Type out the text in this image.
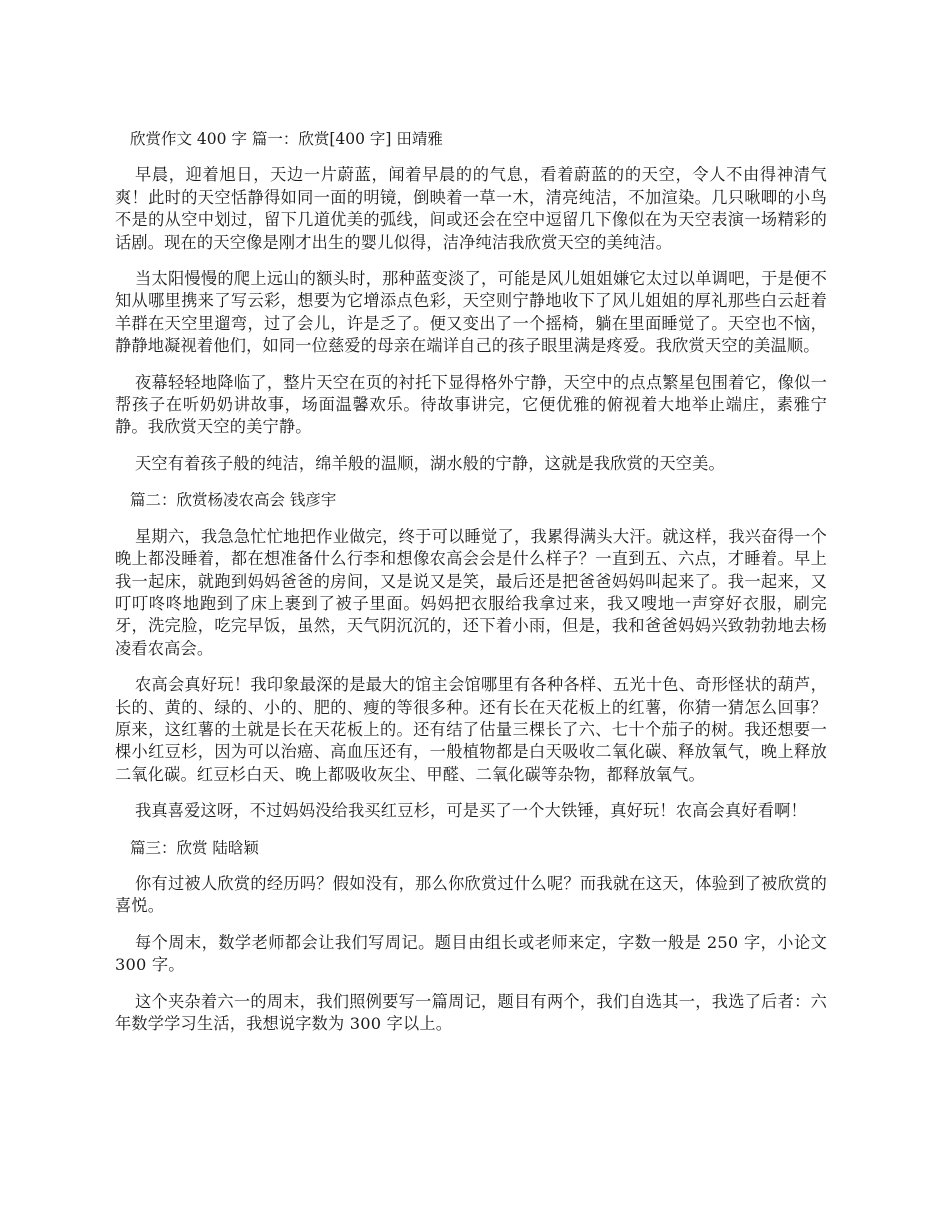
欣赏作文 400 字 篇一：欣赏[400 字] 田靖雅

早晨，迎着旭日，天边一片蔚蓝，闻着早晨的的气息，看着蔚蓝的的天空，令人不由得神清气爽！此时的天空恬静得如同一面的明镜，倒映着一草一木，清亮纯洁，不加渲染。几只啾唧的小鸟不是的从空中划过，留下几道优美的弧线，间或还会在空中逗留几下像似在为天空表演一场精彩的话剧。现在的天空像是刚才出生的婴儿似得，洁净纯洁我欣赏天空的美纯洁。

当太阳慢慢的爬上远山的额头时，那种蓝变淡了，可能是风儿姐姐嫌它太过以单调吧，于是便不知从哪里携来了写云彩，想要为它增添点色彩，天空则宁静地收下了风儿姐姐的厚礼那些白云赶着羊群在天空里遛弯，过了会儿，许是乏了。便又变出了一个摇椅，躺在里面睡觉了。天空也不恼，静静地凝视着他们，如同一位慈爱的母亲在端详自己的孩子眼里满是疼爱。我欣赏天空的美温顺。

夜幕轻轻地降临了，整片天空在页的衬托下显得格外宁静，天空中的点点繁星包围着它，像似一帮孩子在听奶奶讲故事，场面温馨欢乐。待故事讲完，它便优雅的俯视着大地举止端庄，素雅宁静。我欣赏天空的美宁静。

天空有着孩子般的纯洁，绵羊般的温顺，湖水般的宁静，这就是我欣赏的天空美。

篇二：欣赏杨凌农高会 钱彦宇

星期六，我急急忙忙地把作业做完，终于可以睡觉了，我累得满头大汗。就这样，我兴奋得一个晚上都没睡着，都在想准备什么行李和想像农高会会是什么样子？一直到五、六点，才睡着。早上我一起床，就跑到妈妈爸爸的房间，又是说又是笑，最后还是把爸爸妈妈叫起来了。我一起来，又叮叮咚咚地跑到了床上裹到了被子里面。妈妈把衣服给我拿过来，我又嗖地一声穿好衣服，刷完牙，洗完脸，吃完早饭，虽然，天气阴沉沉的，还下着小雨，但是，我和爸爸妈妈兴致勃勃地去杨凌看农高会。

农高会真好玩！我印象最深的是最大的馆主会馆哪里有各种各样、五光十色、奇形怪状的葫芦，长的、黄的、绿的、小的、肥的、瘦的等很多种。还有长在天花板上的红薯，你猜一猜怎么回事？原来，这红薯的土就是长在天花板上的。还有结了估量三棵长了六、七十个茄子的树。我还想要一棵小红豆杉，因为可以治癌、高血压还有，一般植物都是白天吸收二氧化碳、释放氧气，晚上释放二氧化碳。红豆杉白天、晚上都吸收灰尘、甲醛、二氧化碳等杂物，都释放氧气。

我真喜爱这呀，不过妈妈没给我买红豆杉，可是买了一个大铁锤，真好玩！农高会真好看啊！

篇三：欣赏 陆晗颖

你有过被人欣赏的经历吗？假如没有，那么你欣赏过什么呢？而我就在这天，体验到了被欣赏的喜悦。

每个周末，数学老师都会让我们写周记。题目由组长或老师来定，字数一般是 250 字，小论文 300 字。

这个夹杂着六一的周末，我们照例要写一篇周记，题目有两个，我们自选其一，我选了后者：六年数学学习生活，我想说字数为 300 字以上。
